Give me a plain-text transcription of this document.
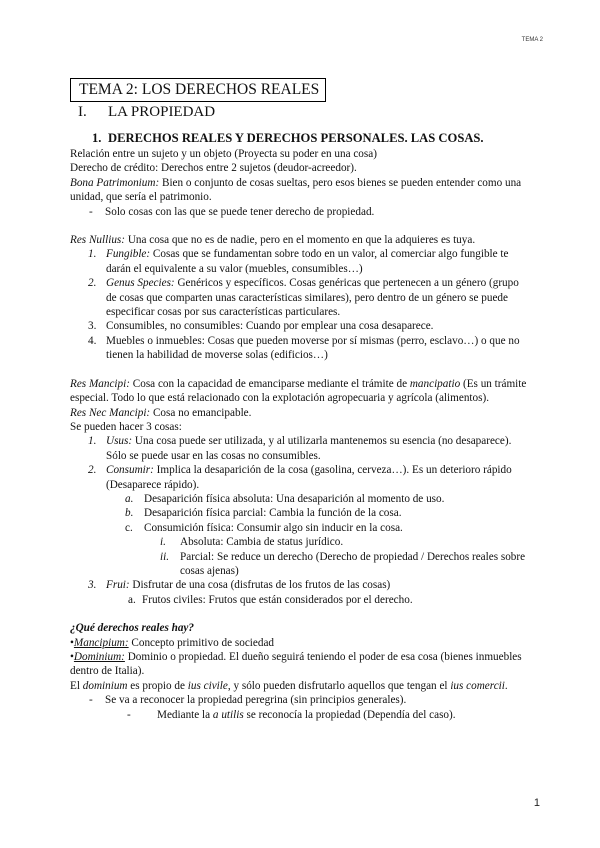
TEMA 2
TEMA 2: LOS DERECHOS REALES
I. LA PROPIEDAD
1. DERECHOS REALES Y DERECHOS PERSONALES. LAS COSAS.

Relación entre un sujeto y un objeto (Proyecta su poder en una cosa)

Derecho de crédito: Derechos entre 2 sujetos (deudor-acreedor).

Bona Patrimonium: Bien o conjunto de cosas sueltas, pero esos bienes se pueden entender como una unidad, que sería el patrimonio.

- Solo cosas con las que se puede tener derecho de propiedad.

Res Nullius: Una cosa que no es de nadie, pero en el momento en que la adquieres es tuya.

1. Fungible: Cosas que se fundamentan sobre todo en un valor, al comerciar algo fungible te darán el equivalente a su valor (muebles, consumibles…)
2. Genus Species: Genéricos y específicos. Cosas genéricas que pertenecen a un género (grupo de cosas que comparten unas características similares), pero dentro de un género se puede especificar cosas por sus características particulares.
3. Consumibles, no consumibles: Cuando por emplear una cosa desaparece.
4. Muebles o inmuebles: Cosas que pueden moverse por sí mismas (perro, esclavo…) o que no tienen la habilidad de moverse solas (edificios…)

Res Mancipi: Cosa con la capacidad de emanciparse mediante el trámite de mancipatio (Es un trámite especial. Todo lo que está relacionado con la explotación agropecuaria y agrícola (alimentos).

Res Nec Mancipi: Cosa no emancipable.

Se pueden hacer 3 cosas:

1. Usus: Una cosa puede ser utilizada, y al utilizarla mantenemos su esencia (no desaparece). Sólo se puede usar en las cosas no consumibles.
2. Consumir: Implica la desaparición de la cosa (gasolina, cerveza…). Es un deterioro rápido (Desaparece rápido).
a. Desaparición física absoluta: Una desaparición al momento de uso.
b. Desaparición física parcial: Cambia la función de la cosa.
c. Consumición física: Consumir algo sin inducir en la cosa.
i. Absoluta: Cambia de status jurídico.
ii. Parcial: Se reduce un derecho (Derecho de propiedad / Derechos reales sobre cosas ajenas)
3. Frui: Disfrutar de una cosa (disfrutas de los frutos de las cosas)
a. Frutos civiles: Frutos que están considerados por el derecho.

¿Qué derechos reales hay?

•Mancipium: Concepto primitivo de sociedad

•Dominium: Dominio o propiedad. El dueño seguirá teniendo el poder de esa cosa (bienes inmuebles dentro de Italia).

El dominium es propio de ius civile, y sólo pueden disfrutarlo aquellos que tengan el ius comercii.

- Se va a reconocer la propiedad peregrina (sin principios generales).
- Mediante la a utilis se reconocía la propiedad (Dependía del caso).
1
